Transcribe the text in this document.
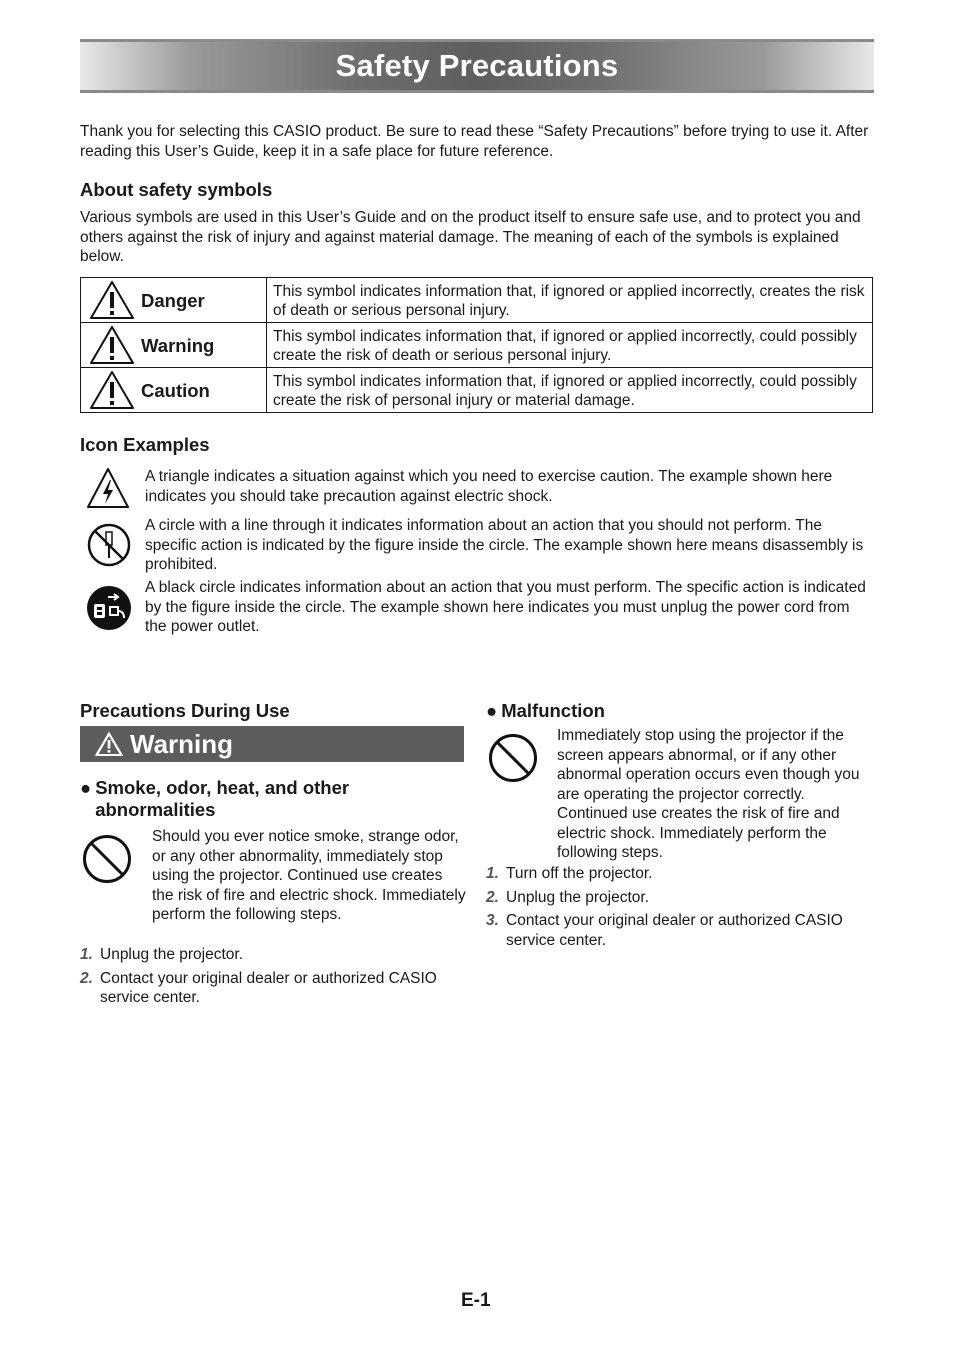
Safety Precautions

Thank you for selecting this CASIO product. Be sure to read these “Safety Precautions” before trying to use it. After reading this User’s Guide, keep it in a safe place for future reference.

About safety symbols

Various symbols are used in this User’s Guide and on the product itself to ensure safe use, and to protect you and others against the risk of injury and against material damage. The meaning of each of the symbols is explained below.

Danger	This symbol indicates information that, if ignored or applied incorrectly, creates the risk of death or serious personal injury.

Warning	This symbol indicates information that, if ignored or applied incorrectly, could possibly create the risk of death or serious personal injury.

Caution	This symbol indicates information that, if ignored or applied incorrectly, could possibly create the risk of personal injury or material damage.
Icon Examples

A triangle indicates a situation against which you need to exercise caution. The example shown here indicates you should take precaution against electric shock.

A circle with a line through it indicates information about an action that you should not perform. The specific action is indicated by the figure inside the circle. The example shown here means disassembly is prohibited.

A black circle indicates information about an action that you must perform. The specific action is indicated by the figure inside the circle. The example shown here indicates you must unplug the power cord from the power outlet.

Precautions During Use
Warning
● Smoke, odor, heat, and other abnormalities

Should you ever notice smoke, strange odor, or any other abnormality, immediately stop using the projector. Continued use creates the risk of fire and electric shock. Immediately perform the following steps.

1. Unplug the projector.
2. Contact your original dealer or authorized CASIO service center.
● Malfunction

Immediately stop using the projector if the screen appears abnormal, or if any other abnormal operation occurs even though you are operating the projector correctly. Continued use creates the risk of fire and electric shock. Immediately perform the following steps.

1. Turn off the projector.
2. Unplug the projector.
3. Contact your original dealer or authorized CASIO service center.
E-1
